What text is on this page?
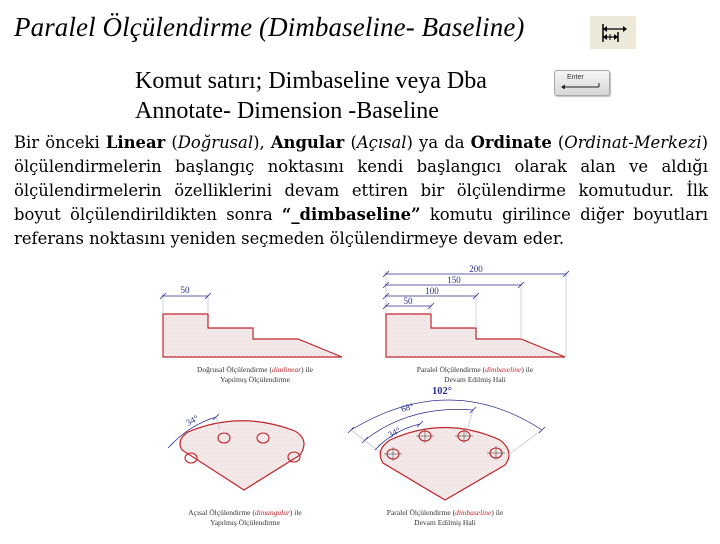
Paralel Ölçülendirme (Dimbaseline- Baseline)
Komut satırı; Dimbaseline veya Dba
Annotate- Dimension -Baseline
Enter
Bir önceki Linear (Doğrusal), Angular (Açısal) ya da Ordinate (Ordinat-Merkezi) ölçülendirmelerin başlangıç noktasını kendi başlangıcı olarak alan ve aldığı ölçülendirmelerin özelliklerini devam ettiren bir ölçülendirme komutudur. İlk boyut ölçülendirildikten sonra “_dimbaseline” komutu girilince diğer boyutları referans noktasını yeniden seçmeden ölçülendirmeye devam eder.
50
200
150
100
50
34°
102°
68°
34°
Doğrusal Ölçülendirme (dimlinear) ile
Yapılmış Ölçülendirme
Paralel Ölçülendirme (dimbaseline) ile
Devam Edilmiş Hali
Açısal Ölçülendirme (dimangular) ile
Yapılmış Ölçülendirme
Paralel Ölçülendirme (dimbaseline) ile
Devam Edilmiş Hali
